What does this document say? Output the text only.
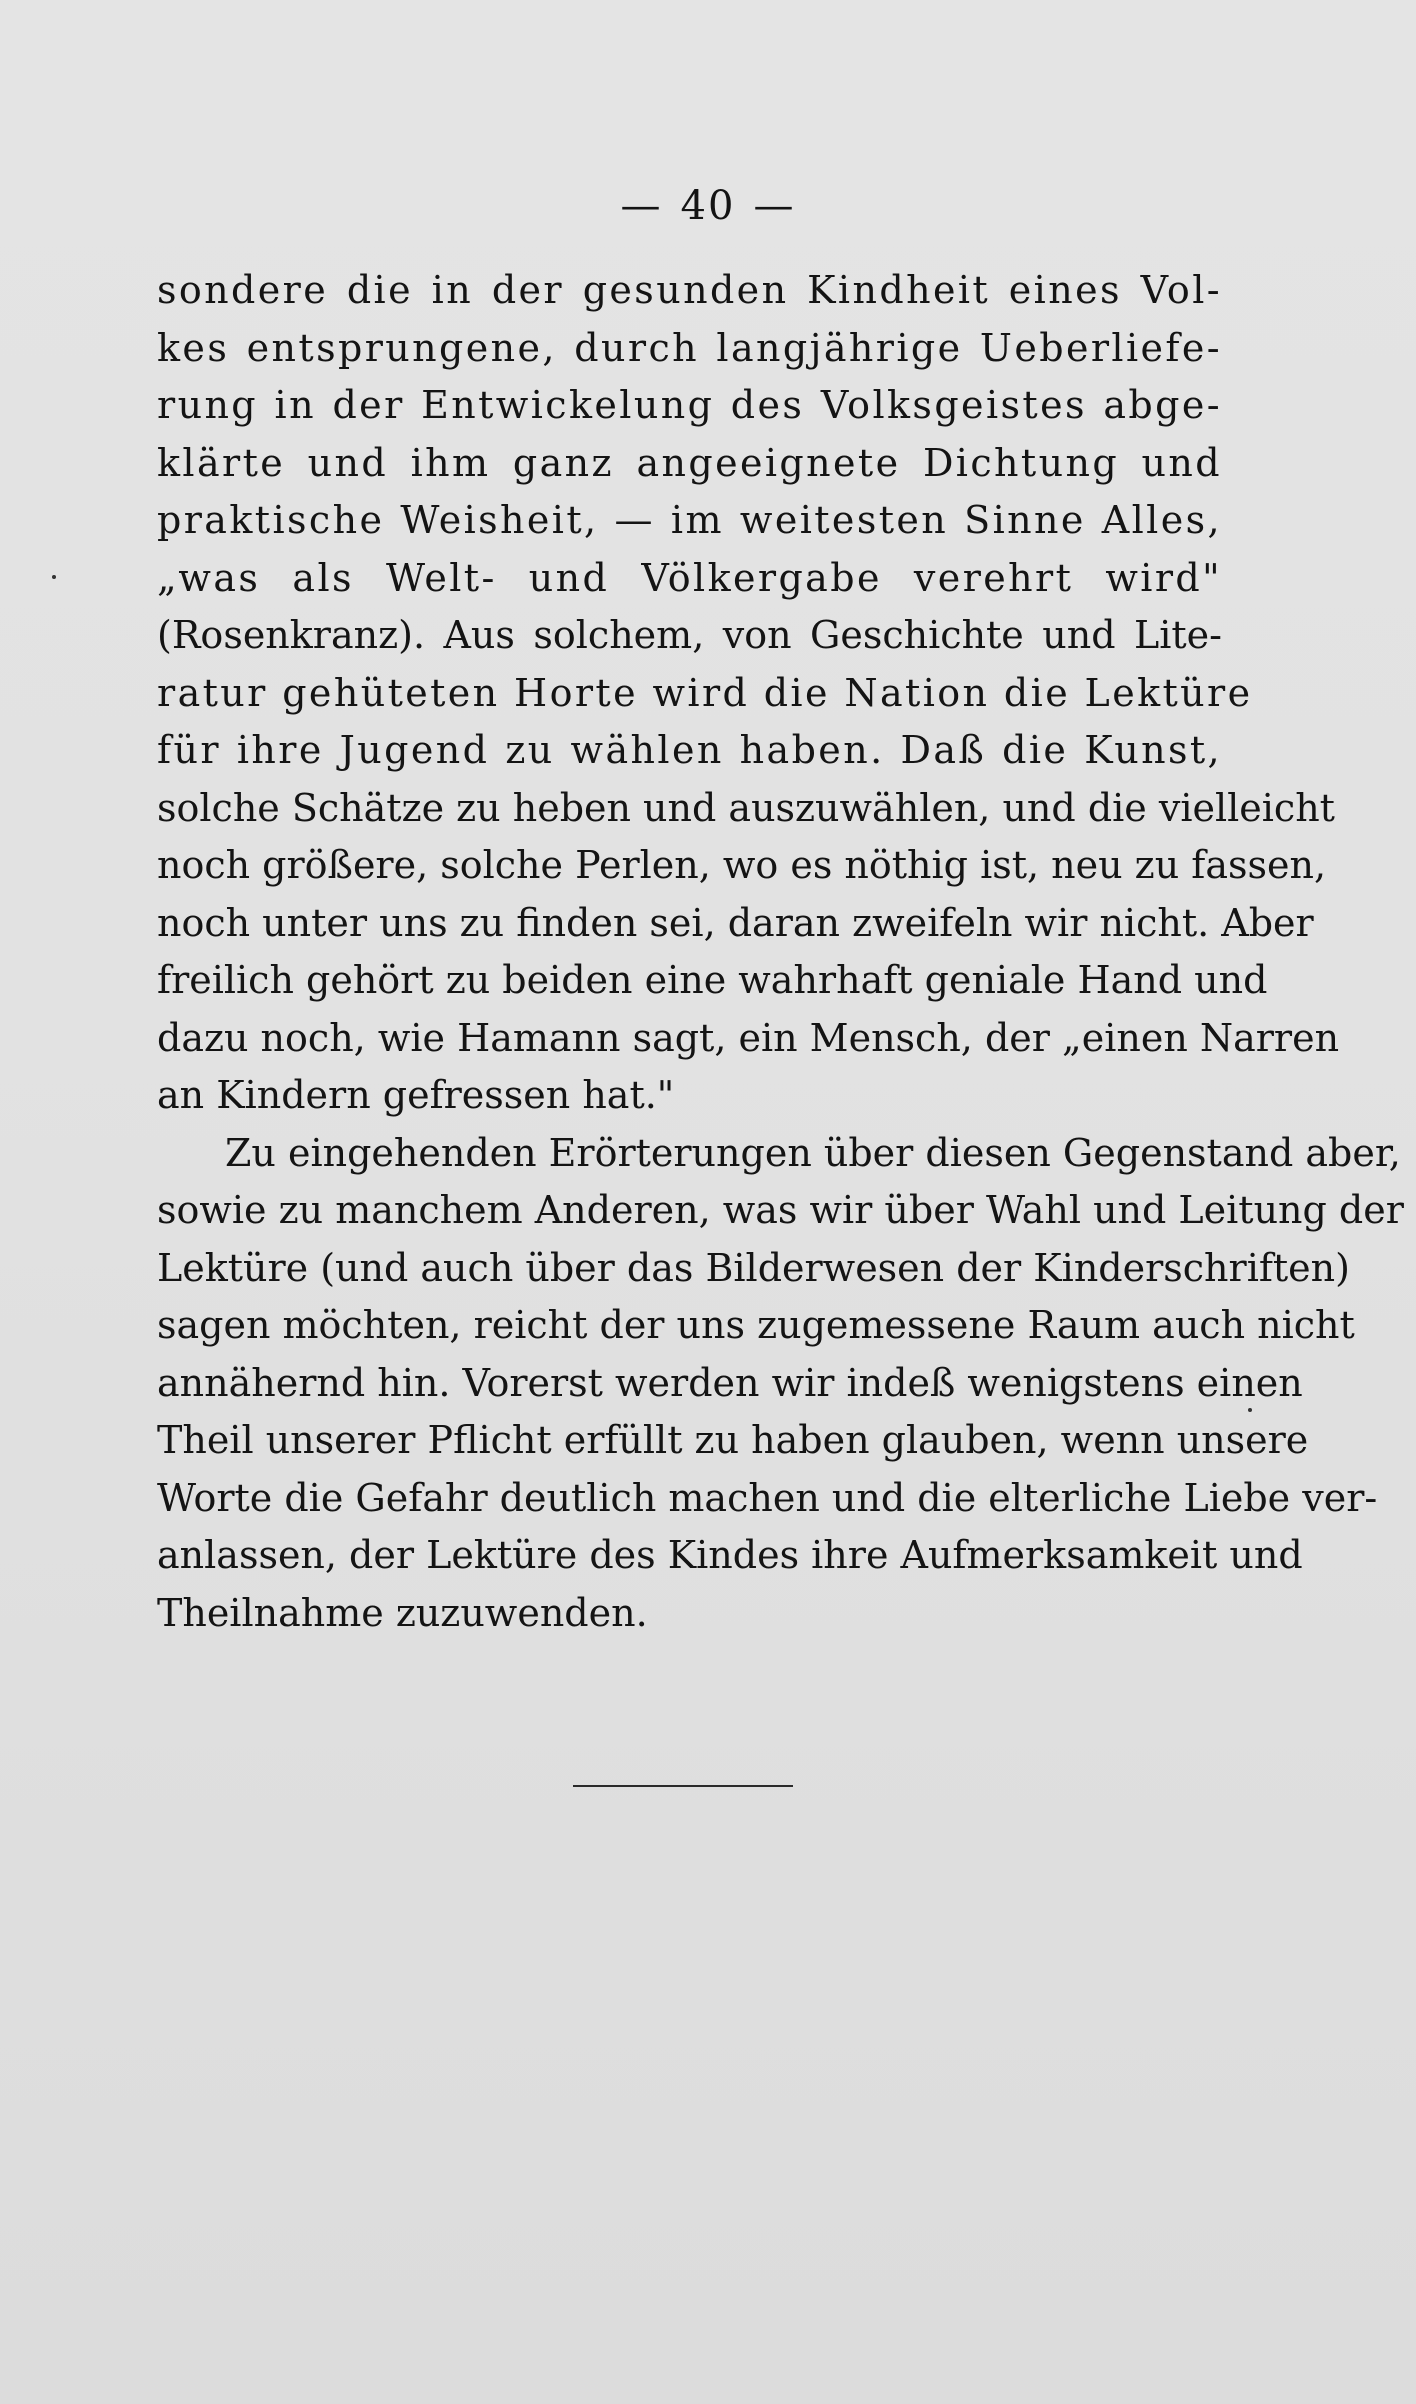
— 40 —
sondere die in der gesunden Kindheit eines Vol-
kes entsprungene, durch langjährige Ueberliefe-
rung in der Entwickelung des Volksgeistes abge-
klärte und ihm ganz angeeignete Dichtung und
praktische Weisheit, — im weitesten Sinne Alles,
„was als Welt- und Völkergabe verehrt wird"
(Rosenkranz). Aus solchem, von Geschichte und Lite-
ratur gehüteten Horte wird die Nation die Lektüre
für ihre Jugend zu wählen haben. Daß die Kunst,
solche Schätze zu heben und auszuwählen, und die vielleicht
noch größere, solche Perlen, wo es nöthig ist, neu zu fassen,
noch unter uns zu finden sei, daran zweifeln wir nicht. Aber
freilich gehört zu beiden eine wahrhaft geniale Hand und
dazu noch, wie Hamann sagt, ein Mensch, der „einen Narren
an Kindern gefressen hat."
Zu eingehenden Erörterungen über diesen Gegenstand aber,
sowie zu manchem Anderen, was wir über Wahl und Leitung der
Lektüre (und auch über das Bilderwesen der Kinderschriften)
sagen möchten, reicht der uns zugemessene Raum auch nicht
annähernd hin. Vorerst werden wir indeß wenigstens einen
Theil unserer Pflicht erfüllt zu haben glauben, wenn unsere
Worte die Gefahr deutlich machen und die elterliche Liebe ver-
anlassen, der Lektüre des Kindes ihre Aufmerksamkeit und
Theilnahme zuzuwenden.
